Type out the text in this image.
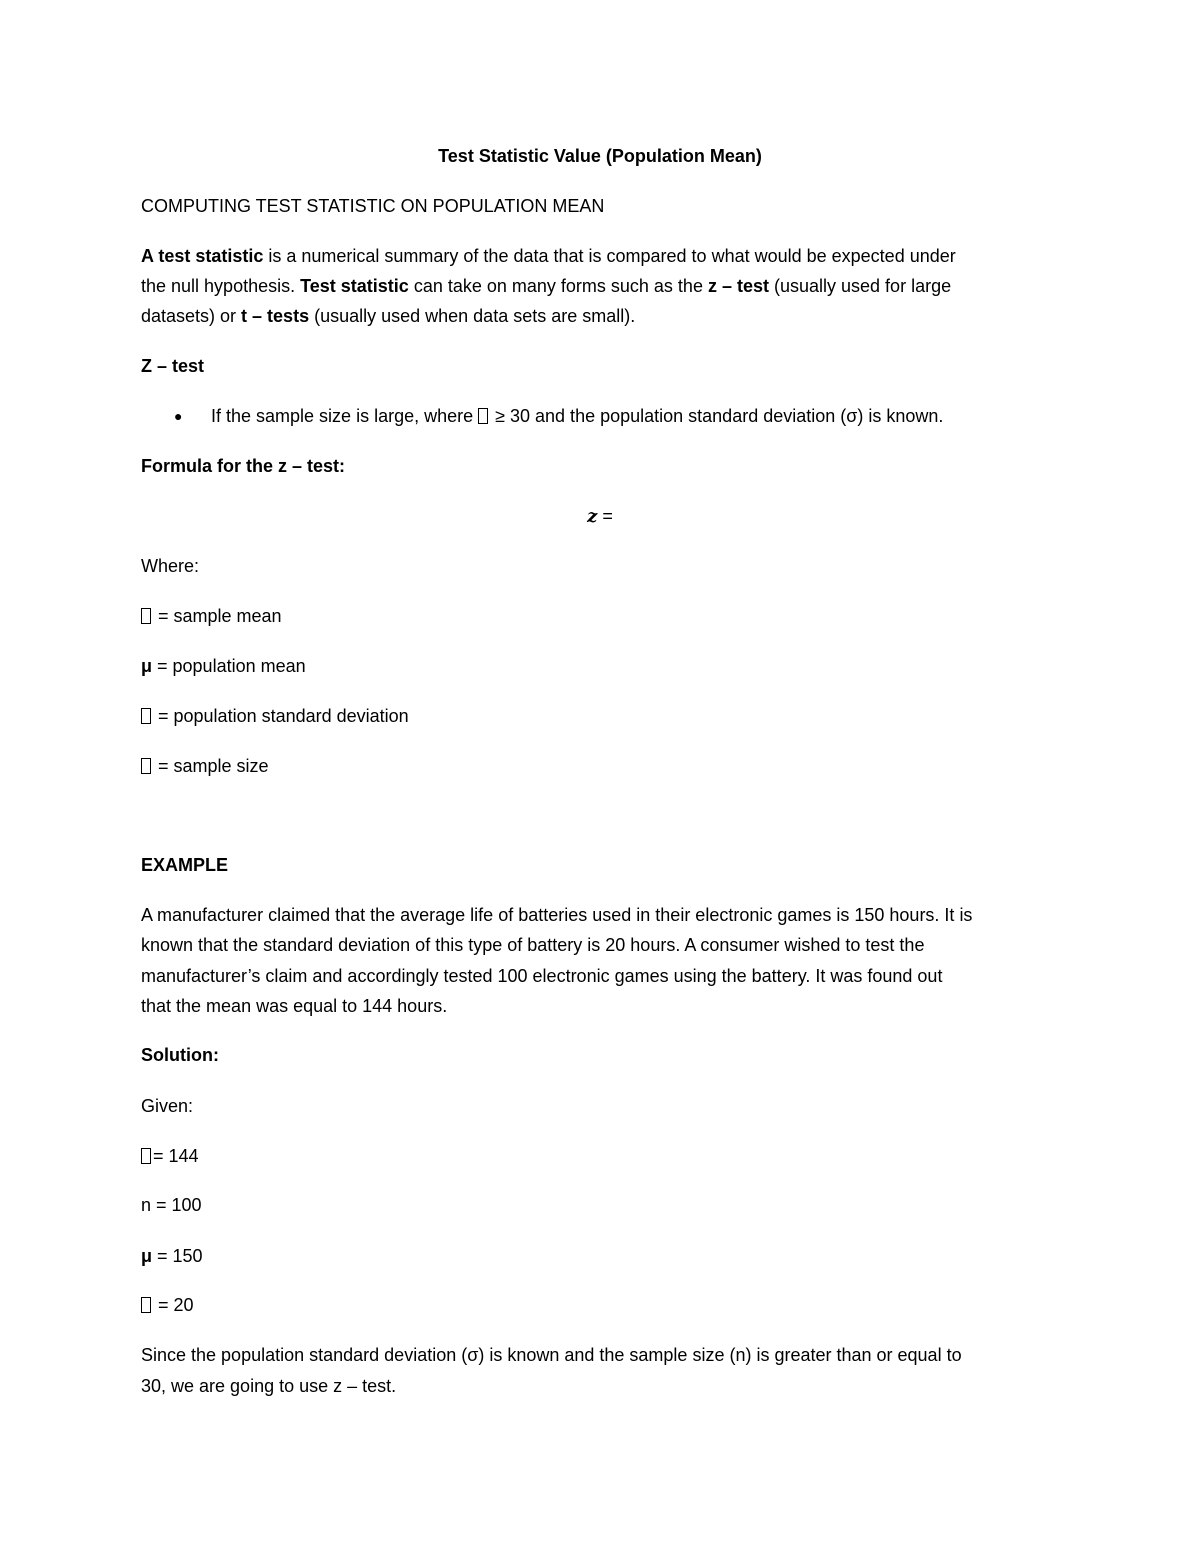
Test Statistic Value (Population Mean)
COMPUTING TEST STATISTIC ON POPULATION MEAN
A test statistic is a numerical summary of the data that is compared to what would be expected under
the null hypothesis. Test statistic can take on many forms such as the z – test (usually used for large
datasets) or t – tests (usually used when data sets are small).
Z – test
● If the sample size is large, where  ≥ 30 and the population standard deviation (σ) is known.
Formula for the z – test:
z =
Where:
= sample mean
μ = population mean
= population standard deviation
= sample size
EXAMPLE
A manufacturer claimed that the average life of batteries used in their electronic games is 150 hours. It is
known that the standard deviation of this type of battery is 20 hours. A consumer wished to test the
manufacturer’s claim and accordingly tested 100 electronic games using the battery. It was found out
that the mean was equal to 144 hours.
Solution:
Given:
= 144
n = 100
μ = 150
= 20
Since the population standard deviation (σ) is known and the sample size (n) is greater than or equal to
30, we are going to use z – test.
